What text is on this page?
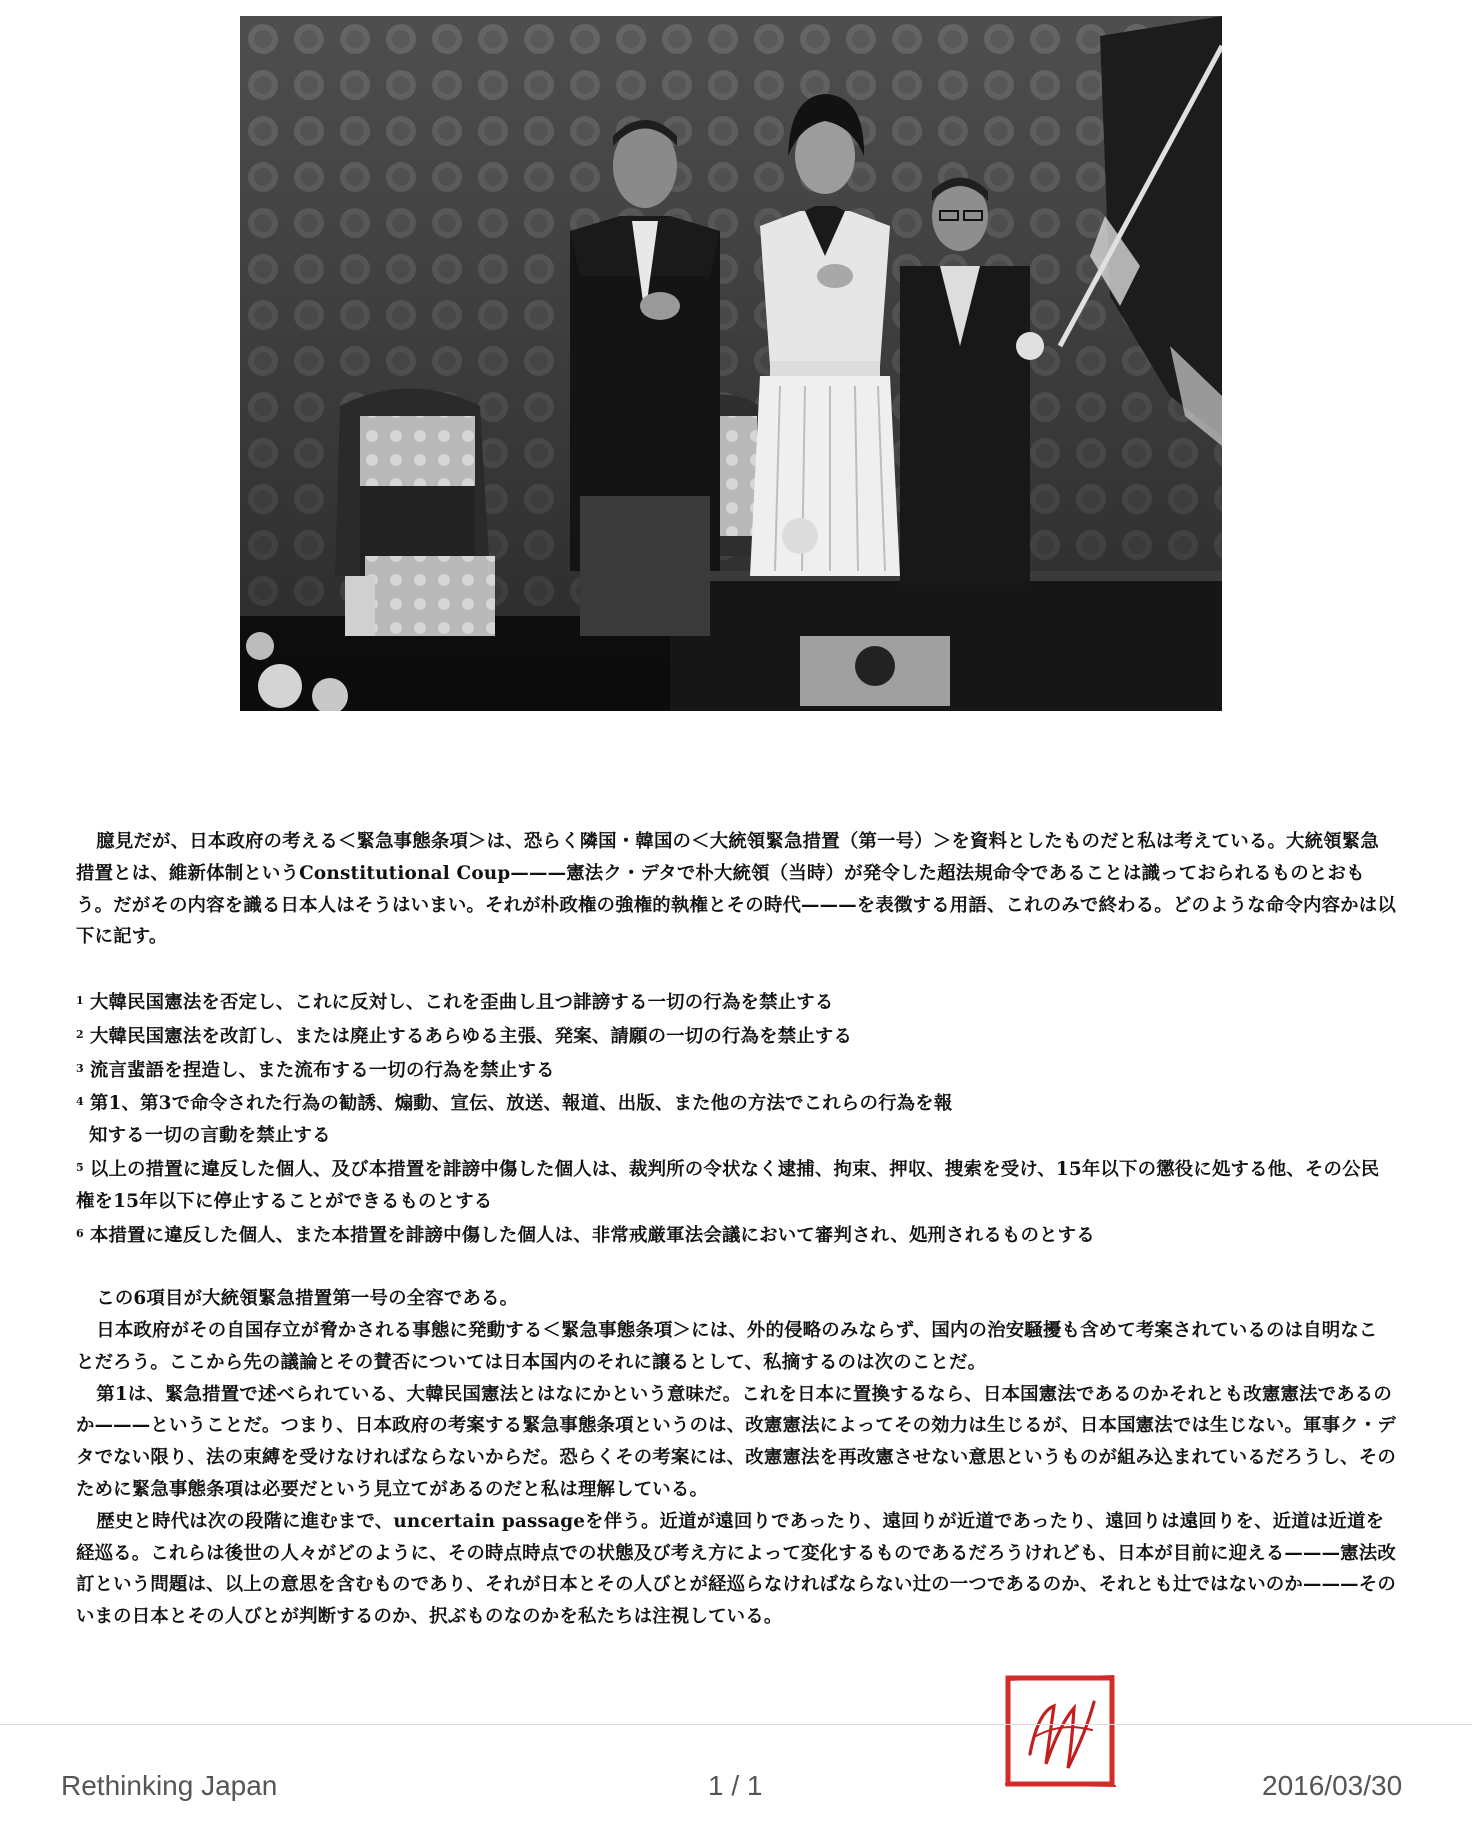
臆見だが、日本政府の考える＜緊急事態条項＞は、恐らく隣国・韓国の＜大統領緊急措置（第一号）＞を資料としたものだと私は考えている。大統領緊急措置とは、維新体制というConstitutional Coup———憲法ク・デタで朴大統領（当時）が発令した超法規命令であることは識っておられるものとおもう。だがその内容を識る日本人はそうはいまい。それが朴政権の強権的執権とその時代———を表徴する用語、これのみで終わる。どのような命令内容かは以下に記す。

$^1$ 大韓民国憲法を否定し、これに反対し、これを歪曲し且つ誹謗する一切の行為を禁止する
$^2$ 大韓民国憲法を改訂し、または廃止するあらゆる主張、発案、請願の一切の行為を禁止する
$^3$ 流言蜚語を捏造し、また流布する一切の行為を禁止する
$^4$ 第1、第3で命令された行為の勧誘、煽動、宣伝、放送、報道、出版、また他の方法でこれらの行為を報
知する一切の言動を禁止する
$^5$ 以上の措置に違反した個人、及び本措置を誹謗中傷した個人は、裁判所の令状なく逮捕、拘束、押収、捜索を受け、15年以下の懲役に処する他、その公民権を15年以下に停止することができるものとする
$^6$ 本措置に違反した個人、また本措置を誹謗中傷した個人は、非常戒厳軍法会議において審判され、処刑されるものとする

この6項目が大統領緊急措置第一号の全容である。

日本政府がその自国存立が脅かされる事態に発動する＜緊急事態条項＞には、外的侵略のみならず、国内の治安騒擾も含めて考案されているのは自明なことだろう。ここから先の議論とその賛否については日本国内のそれに譲るとして、私摘するのは次のことだ。

第1は、緊急措置で述べられている、大韓民国憲法とはなにかという意味だ。これを日本に置換するなら、日本国憲法であるのかそれとも改憲憲法であるのか———ということだ。つまり、日本政府の考案する緊急事態条項というのは、改憲憲法によってその効力は生じるが、日本国憲法では生じない。軍事ク・デタでない限り、法の束縛を受けなければならないからだ。恐らくその考案には、改憲憲法を再改憲させない意思というものが組み込まれているだろうし、そのために緊急事態条項は必要だという見立てがあるのだと私は理解している。

歴史と時代は次の段階に進むまで、uncertain passageを伴う。近道が遠回りであったり、遠回りが近道であったり、遠回りは遠回りを、近道は近道を経巡る。これらは後世の人々がどのように、その時点時点での状態及び考え方によって変化するものであるだろうけれども、日本が目前に迎える———憲法改訂という問題は、以上の意思を含むものであり、それが日本とその人びとが経巡らなければならない辻の一つであるのか、それとも辻ではないのか———そのいまの日本とその人びとが判断するのか、択ぶものなのかを私たちは注視している。

Rethinking Japan	1 / 1	2016/03/30
